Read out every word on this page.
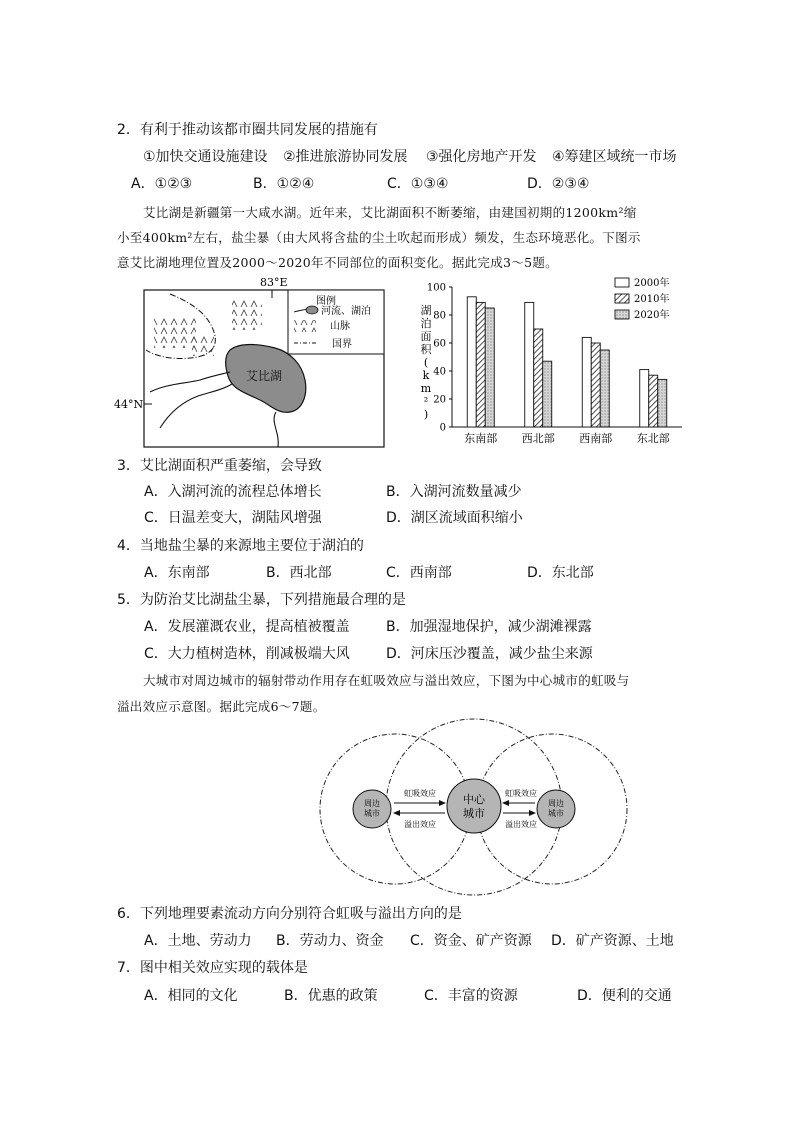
2．有利于推动该都市圈共同发展的措施有
①加快交通设施建设 ②推进旅游协同发展 ③强化房地产开发 ④筹建区域统一市场
A．①②③	B．①②④	C．①③④	D．②③④
艾比湖是新疆第一大咸水湖。近年来，艾比湖面积不断萎缩，由建国初期的1200km²缩
小至400km²左右，盐尘暴（由大风将含盐的尘土吹起而形成）频发，生态环境恶化。下图示
意艾比湖地理位置及2000～2020年不同部位的面积变化。据此完成3～5题。
83°E
44°N
艾比湖
图例
河流、湖泊
山脉
国界
0
20
40
60
80
100
湖
泊
面
积
(
k
m
²
)
东南部 西北部 西南部 东北部
2000年
2010年
2020年
3．艾比湖面积严重萎缩，会导致
A．入湖河流的流程总体增长	B．入湖河流数量减少
C．日温差变大，湖陆风增强	D．湖区流域面积缩小
4．当地盐尘暴的来源地主要位于湖泊的
A．东南部	B．西北部	C．西南部	D．东北部
5．为防治艾比湖盐尘暴，下列措施最合理的是
A．发展灌溉农业，提高植被覆盖	B．加强湿地保护，减少湖滩裸露
C．大力植树造林，削减极端大风	D．河床压沙覆盖，减少盐尘来源
大城市对周边城市的辐射带动作用存在虹吸效应与溢出效应，下图为中心城市的虹吸与
溢出效应示意图。据此完成6～7题。
周边
城市
中心
城市
周边
城市
虹吸效应
溢出效应
虹吸效应
溢出效应
6．下列地理要素流动方向分别符合虹吸与溢出方向的是
A．土地、劳动力 B．劳动力、资金 C．资金、矿产资源 D．矿产资源、土地
7．图中相关效应实现的载体是
A．相同的文化	B．优惠的政策	C．丰富的资源	D．便利的交通
